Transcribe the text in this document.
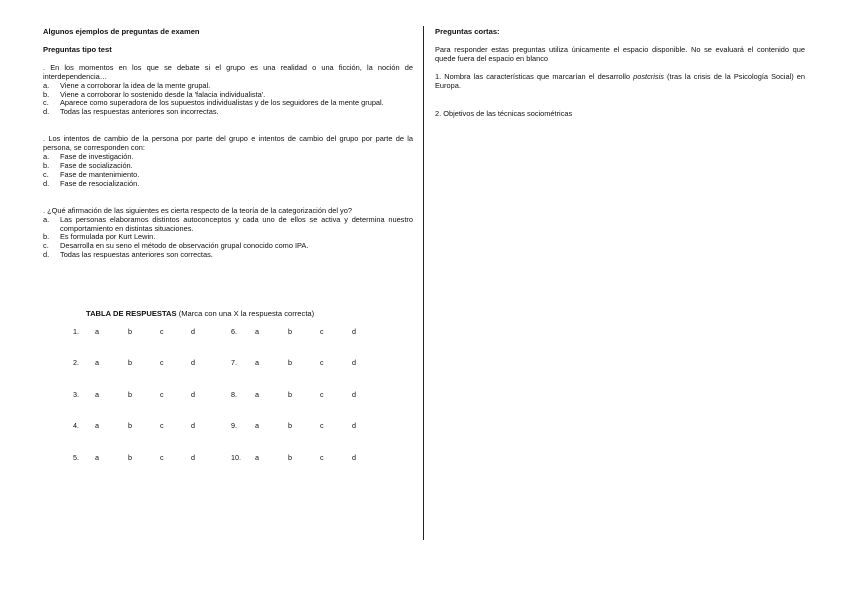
Algunos ejemplos de preguntas de examen

Preguntas tipo test

. En los momentos en los que se debate si el grupo es una realidad o una ficción, la noción de interdependencia…

a.	Viene a corroborar la idea de la mente grupal.
b.	Viene a corroborar lo sostenido desde la 'falacia individualista'.
c.	Aparece como superadora de los supuestos individualistas y de los seguidores de la mente grupal.
d.	Todas las respuestas anteriores son incorrectas.

. Los intentos de cambio de la persona por parte del grupo e intentos de cambio del grupo por parte de la persona, se corresponden con:

a.	Fase de investigación.
b.	Fase de socialización.
c.	Fase de mantenimiento.
d.	Fase de resocialización.

. ¿Qué afirmación de las siguientes es cierta respecto de la teoría de la categorización del yo?

a.	Las personas elaboramos distintos autoconceptos y cada uno de ellos se activa y determina nuestro comportamiento en distintas situaciones.
b.	Es formulada por Kurt Lewin.
c.	Desarrolla en su seno el método de observación grupal conocido como IPA.
d.	Todas las respuestas anteriores son correctas.
TABLA DE RESPUESTAS (Marca con una X la respuesta correcta)
1. a	b	c	d
2. a	b	c	d
3. a	b	c	d
4. a	b	c	d
5. a	b	c	d
6.	a	b	c	d
7.	a	b	c	d
8.	a	b	c	d
9.	a	b	c	d
10. a	b	c	d

Preguntas cortas:

Para responder estas preguntas utiliza únicamente el espacio disponible. No se evaluará el contenido que quede fuera del espacio en blanco

1. Nombra las características que marcarían el desarrollo postcrisis (tras la crisis de la Psicología Social) en Europa.

2. Objetivos de las técnicas sociométricas
